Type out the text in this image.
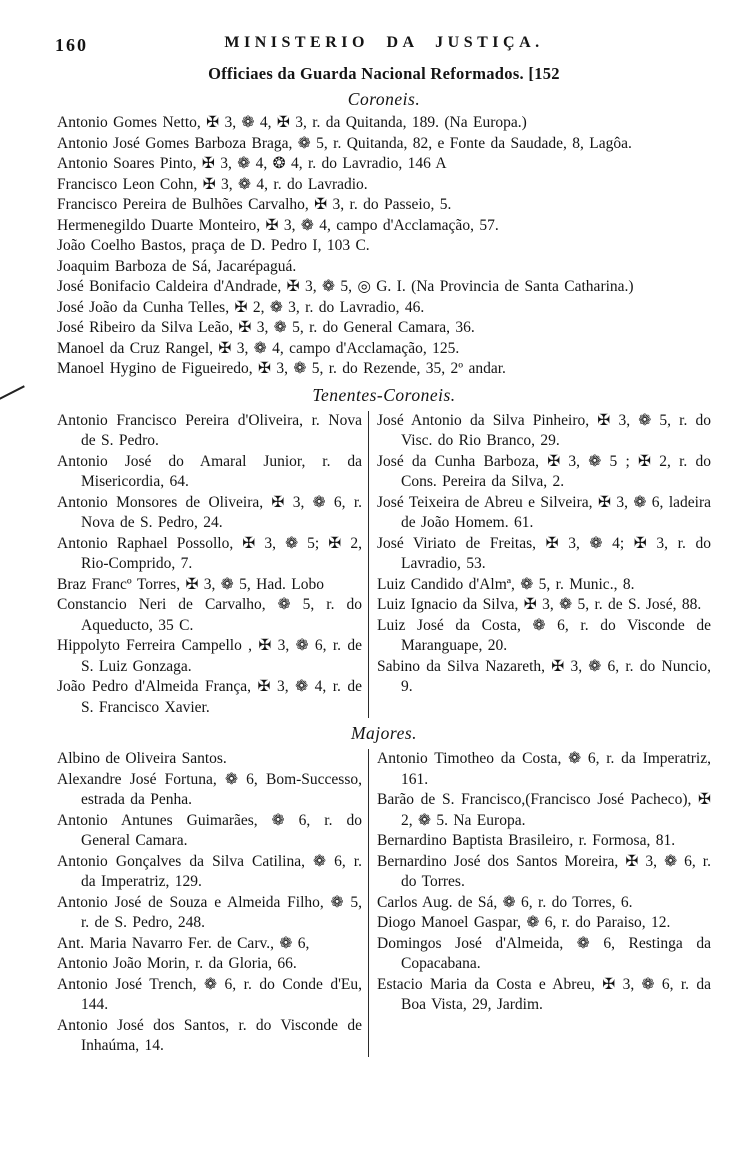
160	MINISTERIO DA JUSTIÇA.
Officiaes da Guarda Nacional Reformados. [152
Coroneis.
Antonio Gomes Netto, ✠ 3, ❁ 4, ✠ 3, r. da Quitanda, 189. (Na Europa.)
Antonio José Gomes Barboza Braga, ❁ 5, r. Quitanda, 82, e Fonte da Saudade, 8, Lagôa.
Antonio Soares Pinto, ✠ 3, ❁ 4, ❂ 4, r. do Lavradio, 146 A
Francisco Leon Cohn, ✠ 3, ❁ 4, r. do Lavradio.
Francisco Pereira de Bulhões Carvalho, ✠ 3, r. do Passeio, 5.
Hermenegildo Duarte Monteiro, ✠ 3, ❁ 4, campo d'Acclamação, 57.
João Coelho Bastos, praça de D. Pedro I, 103 C.
Joaquim Barboza de Sá, Jacarépaguá.
José Bonifacio Caldeira d'Andrade, ✠ 3, ❁ 5, ◎ G. I. (Na Provincia de Santa Catharina.)
José João da Cunha Telles, ✠ 2, ❁ 3, r. do Lavradio, 46.
José Ribeiro da Silva Leão, ✠ 3, ❁ 5, r. do General Camara, 36.
Manoel da Cruz Rangel, ✠ 3, ❁ 4, campo d'Acclamação, 125.
Manoel Hygino de Figueiredo, ✠ 3, ❁ 5, r. do Rezende, 35, 2º andar.
Tenentes-Coroneis.
Antonio Francisco Pereira d'Oliveira, r. Nova de S. Pedro.
Antonio José do Amaral Junior, r. da Misericordia, 64.
Antonio Monsores de Oliveira, ✠ 3, ❁ 6, r. Nova de S. Pedro, 24.
Antonio Raphael Possollo, ✠ 3, ❁ 5; ✠ 2, Rio-Comprido, 7.
Braz Francº Torres, ✠ 3, ❁ 5, Had. Lobo
Constancio Neri de Carvalho, ❁ 5, r. do Aqueducto, 35 C.
Hippolyto Ferreira Campello , ✠ 3, ❁ 6, r. de S. Luiz Gonzaga.
João Pedro d'Almeida França, ✠ 3, ❁ 4, r. de S. Francisco Xavier.
José Antonio da Silva Pinheiro, ✠ 3, ❁ 5, r. do Visc. do Rio Branco, 29.
José da Cunha Barboza, ✠ 3, ❁ 5 ; ✠ 2, r. do Cons. Pereira da Silva, 2.
José Teixeira de Abreu e Silveira, ✠ 3, ❁ 6, ladeira de João Homem. 61.
José Viriato de Freitas, ✠ 3, ❁ 4; ✠ 3, r. do Lavradio, 53.
Luiz Candido d'Almª, ❁ 5, r. Munic., 8.
Luiz Ignacio da Silva, ✠ 3, ❁ 5, r. de S. José, 88.
Luiz José da Costa, ❁ 6, r. do Visconde de Maranguape, 20.
Sabino da Silva Nazareth, ✠ 3, ❁ 6, r. do Nuncio, 9.
Majores.
Albino de Oliveira Santos.
Alexandre José Fortuna, ❁ 6, Bom-Successo, estrada da Penha.
Antonio Antunes Guimarães, ❁ 6, r. do General Camara.
Antonio Gonçalves da Silva Catilina, ❁ 6, r. da Imperatriz, 129.
Antonio José de Souza e Almeida Filho, ❁ 5, r. de S. Pedro, 248.
Ant. Maria Navarro Fer. de Carv., ❁ 6,
Antonio João Morin, r. da Gloria, 66.
Antonio José Trench, ❁ 6, r. do Conde d'Eu, 144.
Antonio José dos Santos, r. do Visconde de Inhaúma, 14.
Antonio Timotheo da Costa, ❁ 6, r. da Imperatriz, 161.
Barão de S. Francisco,(Francisco José Pacheco), ✠ 2, ❁ 5. Na Europa.
Bernardino Baptista Brasileiro, r. Formosa, 81.
Bernardino José dos Santos Moreira, ✠ 3, ❁ 6, r. do Torres.
Carlos Aug. de Sá, ❁ 6, r. do Torres, 6.
Diogo Manoel Gaspar, ❁ 6, r. do Paraiso, 12.
Domingos José d'Almeida, ❁ 6, Restinga da Copacabana.
Estacio Maria da Costa e Abreu, ✠ 3, ❁ 6, r. da Boa Vista, 29, Jardim.
